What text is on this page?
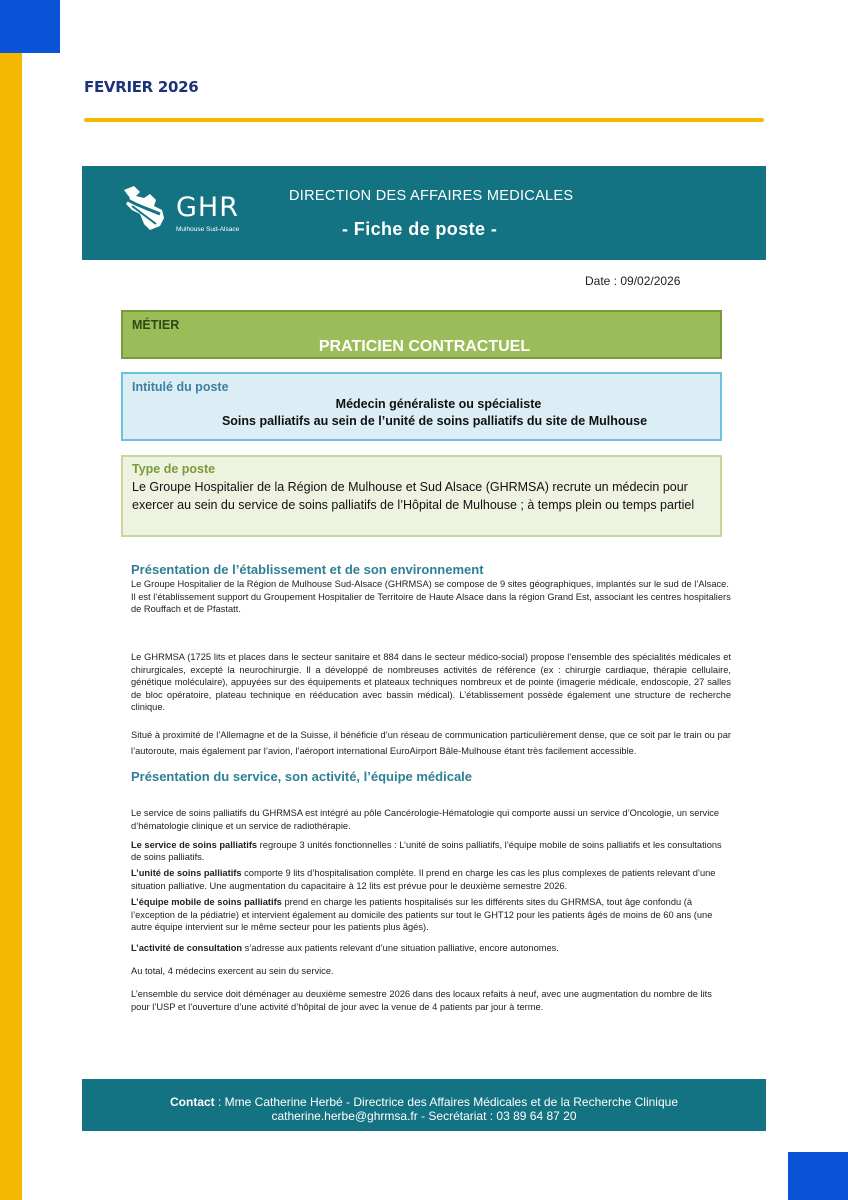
FEVRIER 2026
GHR
Mulhouse Sud-Alsace
DIRECTION DES AFFAIRES MEDICALES
- Fiche de poste -
Date : 09/02/2026
MÉTIER
PRATICIEN CONTRACTUEL
Intitulé du poste
Médecin généraliste ou spécialiste
Soins palliatifs au sein de l’unité de soins palliatifs du site de Mulhouse
Type de poste
Le Groupe Hospitalier de la Région de Mulhouse et Sud Alsace (GHRMSA) recrute un médecin pour exercer au sein du service de soins palliatifs de l’Hôpital de Mulhouse ; à temps plein ou temps partiel
Présentation de l’établissement et de son environnement

Le Groupe Hospitalier de la Région de Mulhouse Sud-Alsace (GHRMSA) se compose de 9 sites géographiques, implantés sur le sud de l’Alsace.

Il est l’établissement support du Groupement Hospitalier de Territoire de Haute Alsace dans la région Grand Est, associant les centres hospitaliers de Rouffach et de Pfastatt.

Le GHRMSA (1725 lits et places dans le secteur sanitaire et 884 dans le secteur médico-social) propose l’ensemble des spécialités médicales et chirurgicales, excepté la neurochirurgie. Il a développé de nombreuses activités de référence (ex : chirurgie cardiaque, thérapie cellulaire, génétique moléculaire), appuyées sur des équipements et plateaux techniques nombreux et de pointe (imagerie médicale, endoscopie, 27 salles de bloc opératoire, plateau technique en rééducation avec bassin médical). L’établissement possède également une structure de recherche clinique.

Situé à proximité de l’Allemagne et de la Suisse, il bénéficie d’un réseau de communication particulièrement dense, que ce soit par le train ou par l’autoroute, mais également par l’avion, l’aéroport international EuroAirport Bâle-Mulhouse étant très facilement accessible.

Présentation du service, son activité, l’équipe médicale

Le service de soins palliatifs du GHRMSA est intégré au pôle Cancérologie-Hématologie qui comporte aussi un service d’Oncologie, un service d’hématologie clinique et un service de radiothérapie.

Le service de soins palliatifs regroupe 3 unités fonctionnelles : L’unité de soins palliatifs, l’équipe mobile de soins palliatifs et les consultations de soins palliatifs.

L’unité de soins palliatifs comporte 9 lits d’hospitalisation complète. Il prend en charge les cas les plus complexes de patients relevant d’une situation palliative. Une augmentation du capacitaire à 12 lits est prévue pour le deuxième semestre 2026.

L’équipe mobile de soins palliatifs prend en charge les patients hospitalisés sur les différents sites du GHRMSA, tout âge confondu (à l’exception de la pédiatrie) et intervient également au domicile des patients sur tout le GHT12 pour les patients âgés de moins de 60 ans (une autre équipe intervient sur le même secteur pour les patients plus âgés).

L’activité de consultation s’adresse aux patients relevant d’une situation palliative, encore autonomes.

Au total, 4 médecins exercent au sein du service.

L’ensemble du service doit déménager au deuxième semestre 2026 dans des locaux refaits à neuf, avec une augmentation du nombre de lits pour l’USP et l’ouverture d’une activité d’hôpital de jour avec la venue de 4 patients par jour à terme.

Contact : Mme Catherine Herbé - Directrice des Affaires Médicales et de la Recherche Clinique
catherine.herbe@ghrmsa.fr - Secrétariat : 03 89 64 87 20
